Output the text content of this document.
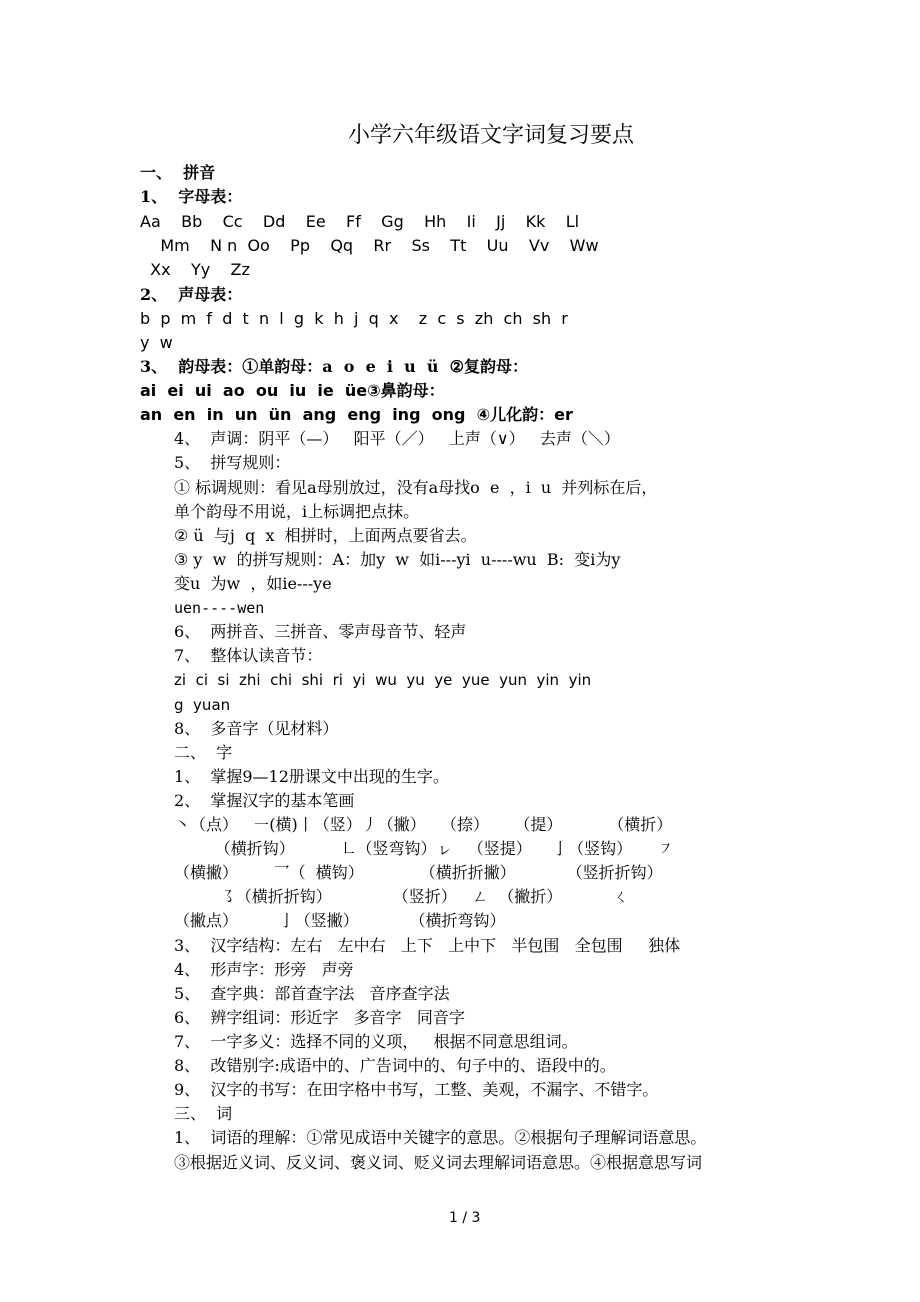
小学六年级语文字词复习要点
一、  拼音
1、  字母表：
Aa    Bb    Cc    Dd    Ee    Ff    Gg    Hh    Ii    Jj    Kk    Ll
Mm    N n  Oo    Pp    Qq    Rr    Ss    Tt    Uu    Vv    Ww
Xx    Yy    Zz
2、  声母表：
b  p  m  f  d  t  n  l  g  k  h  j  q  x    z  c  s  zh  ch  sh  r
y  w
3、  韵母表：①单韵母：a  o  e  i  u  ü  ②复韵母：
ai  ei  ui  ao  ou  iu  ie  üe③鼻韵母：
an  en  in  un  ün  ang  eng  ing  ong  ④儿化韵：er
4、  声调：阴平（—）   阳平（／）   上声（∨）   去声（＼）
5、  拼写规则：
① 标调规则：看见a母别放过，没有a母找o  e  ，i  u  并列标在后，
单个韵母不用说，i上标调把点抹。
② ü  与j  q  x  相拼时，上面两点要省去。
③ y  w  的拼写规则：A：加y  w  如i---yi  u----wu  B:  变i为y
变u  为w  ，如ie---ye
uen----wen
6、  两拼音、三拼音、零声母音节、轻声
7、  整体认读音节：
zi  ci  si  zhi  chi  shi  ri  yi  wu  yu  ye  yue  yun  yin  yin
g  yuan
8、  多音字（见材料）
二、  字
1、  掌握9—12册课文中出现的生字。
2、  掌握汉字的基本笔画
㇔（点）   ㇐(横)丨（竖）丿（撇）   （捺）     （提）         （横折）
（横折钩）         ㇗（竖弯钩）ㇾ   （竖提）    亅（竖钩）     ㇇
（横撇）       乛（  横钩）           （横折折撇）          （竖折折钩）
㇌（横折折钩）            （竖折）   ㄥ  （撇折）          ㄑ
（撇点）        亅（竖撇）          （横折弯钩）
3、  汉字结构：左右   左中右   上下   上中下   半包围   全包围     独体
4、  形声字：形旁   声旁
5、  查字典：部首查字法   音序查字法
6、  辨字组词：形近字   多音字   同音字
7、  一字多义：选择不同的义项，   根据不同意思组词。
8、  改错别字:成语中的、广告词中的、句子中的、语段中的。
9、  汉字的书写：在田字格中书写，工整、美观，不漏字、不错字。
三、  词
1、  词语的理解：①常见成语中关键字的意思。②根据句子理解词语意思。
③根据近义词、反义词、褒义词、贬义词去理解词语意思。④根据意思写词
1 / 3
